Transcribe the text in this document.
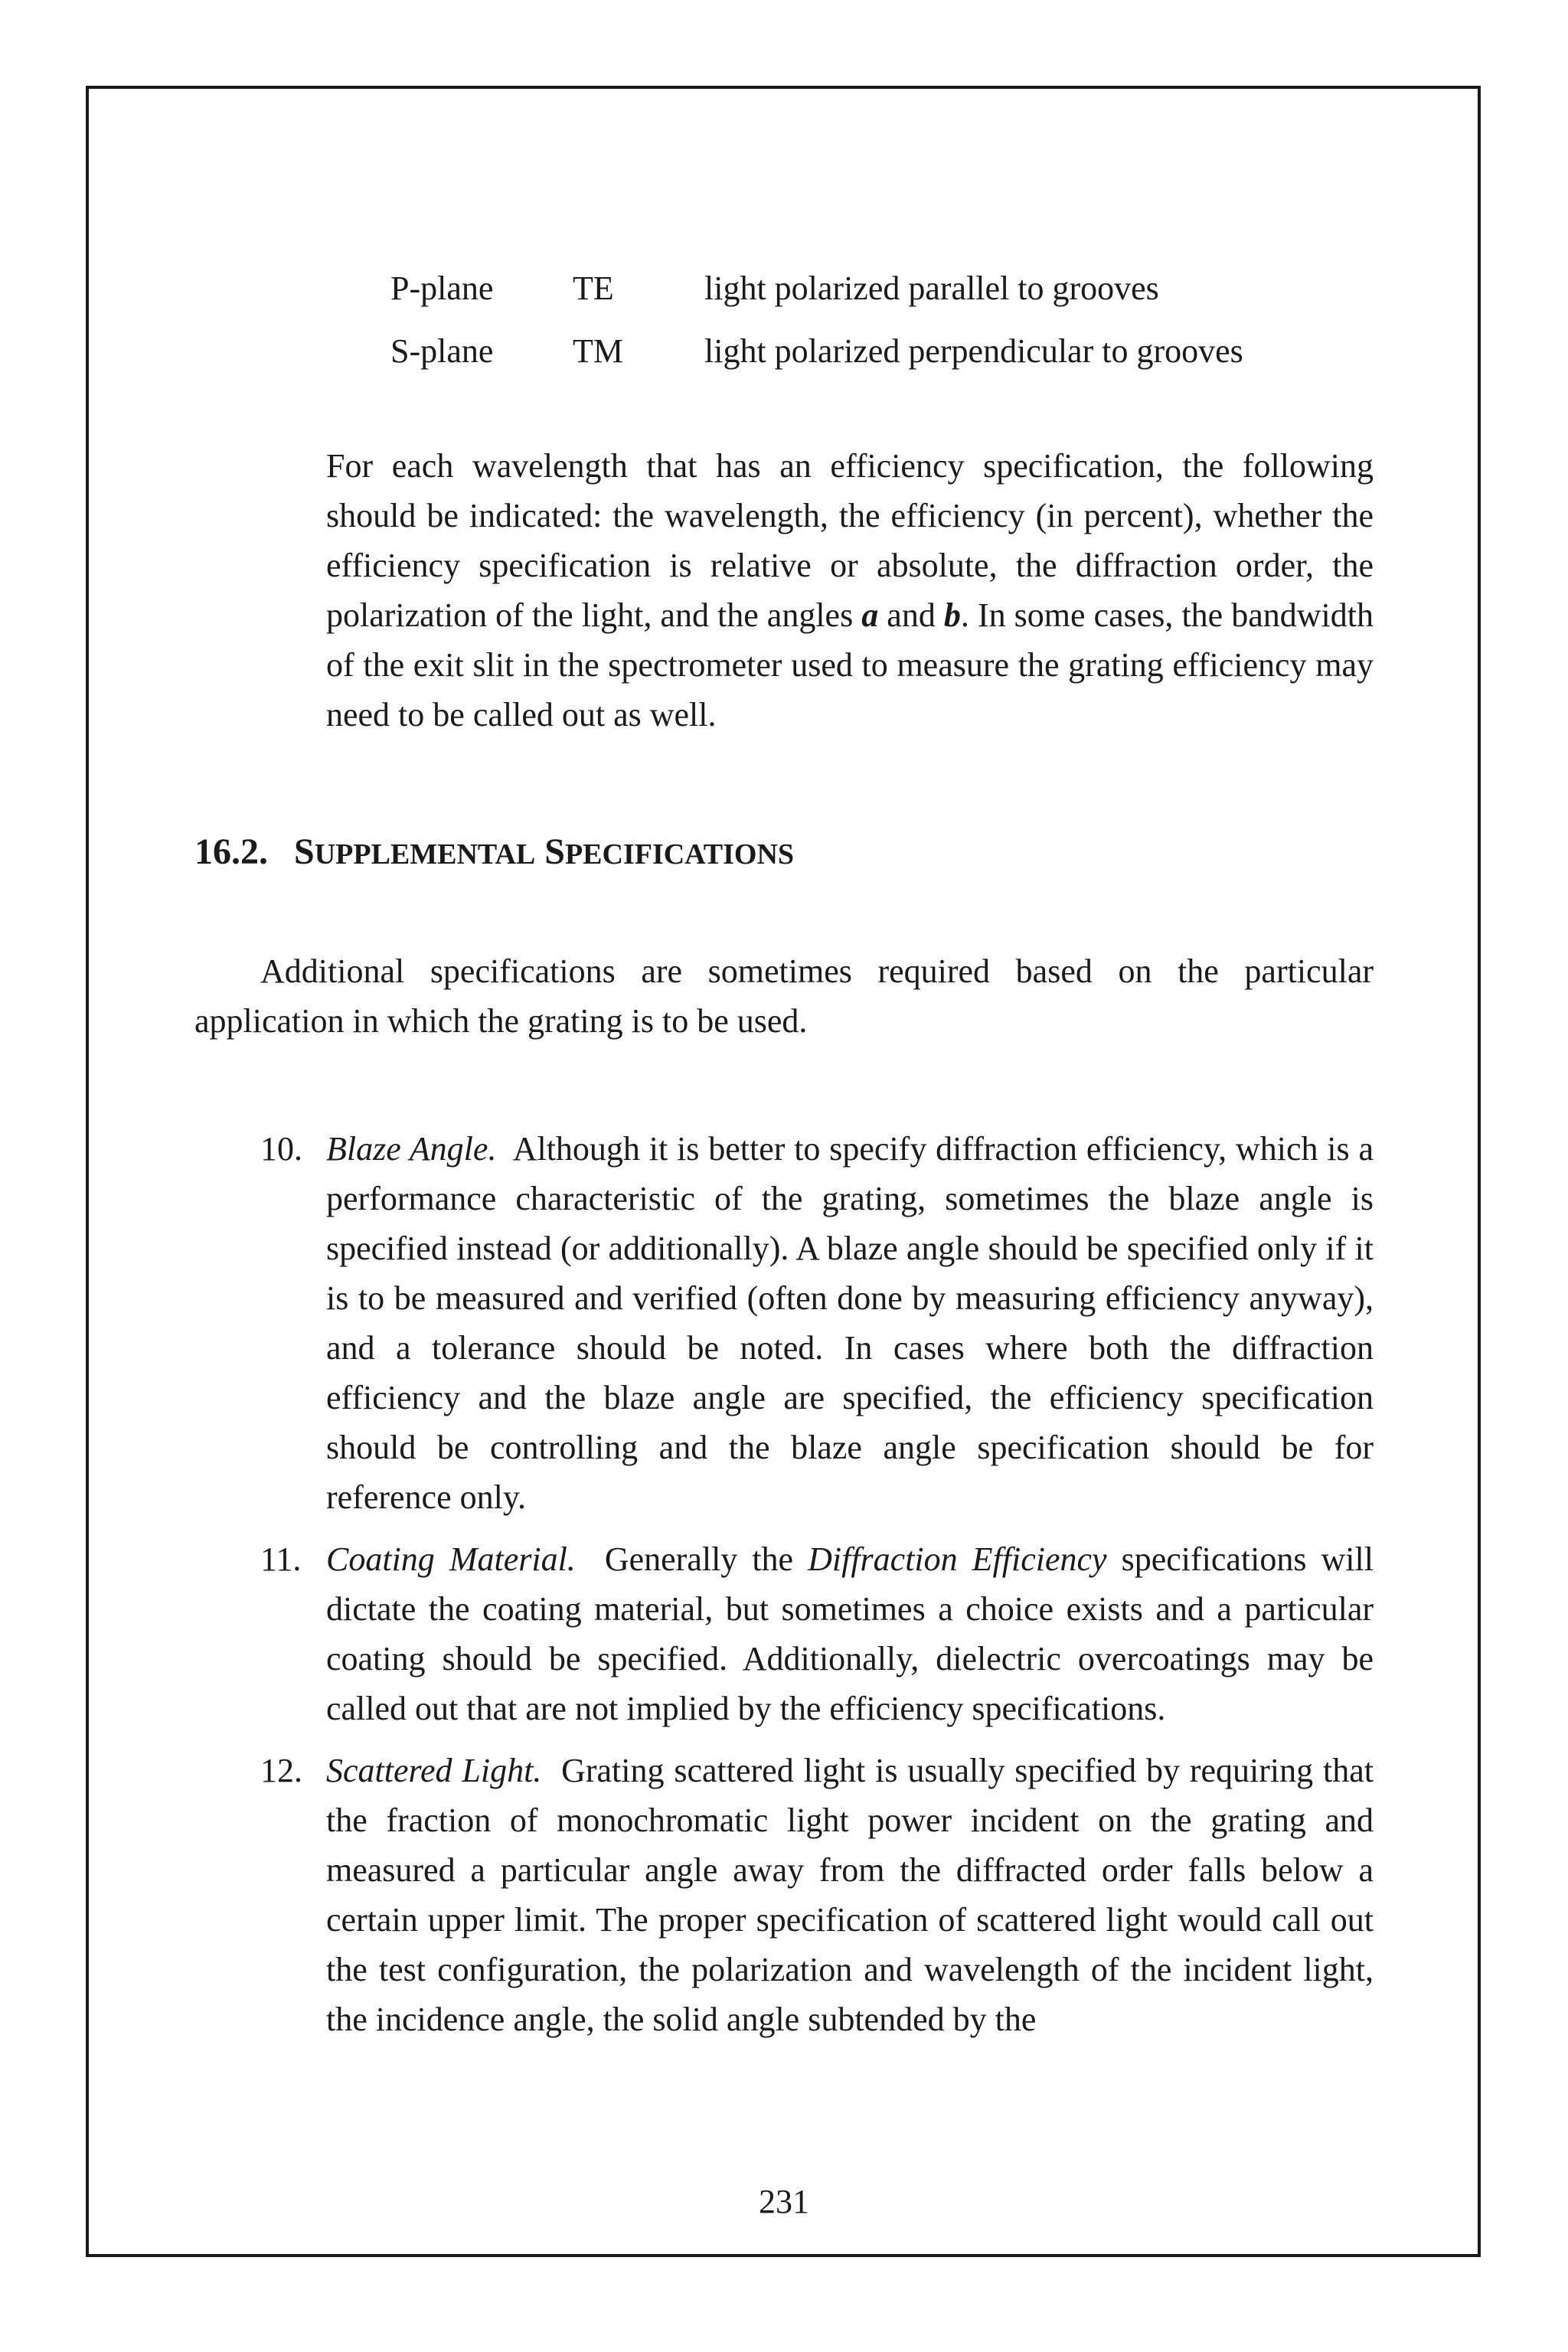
P-plane	TE	light polarized parallel to grooves
S-plane	TM	light polarized perpendicular to grooves

For each wavelength that has an efficiency specification, the following should be indicated: the wavelength, the efficiency (in percent), whether the efficiency specification is relative or absolute, the diffraction order, the polarization of the light, and the angles a and b. In some cases, the bandwidth of the exit slit in the spectrometer used to measure the grating efficiency may need to be called out as well.

16.2. SUPPLEMENTAL SPECIFICATIONS

Additional specifications are sometimes required based on the particular application in which the grating is to be used.

10. Blaze Angle. Although it is better to specify diffraction efficiency, which is a performance characteristic of the grating, sometimes the blaze angle is specified instead (or additionally). A blaze angle should be specified only if it is to be measured and verified (often done by measuring efficiency anyway), and a tolerance should be noted. In cases where both the diffraction efficiency and the blaze angle are specified, the efficiency specification should be controlling and the blaze angle specification should be for reference only.
11. Coating Material. Generally the Diffraction Efficiency specifications will dictate the coating material, but sometimes a choice exists and a particular coating should be specified. Additionally, dielectric overcoatings may be called out that are not implied by the efficiency specifications.
12. Scattered Light. Grating scattered light is usually specified by requiring that the fraction of monochromatic light power incident on the grating and measured a particular angle away from the diffracted order falls below a certain upper limit. The proper specification of scattered light would call out the test configuration, the polarization and wavelength of the incident light, the incidence angle, the solid angle subtended by the
231
